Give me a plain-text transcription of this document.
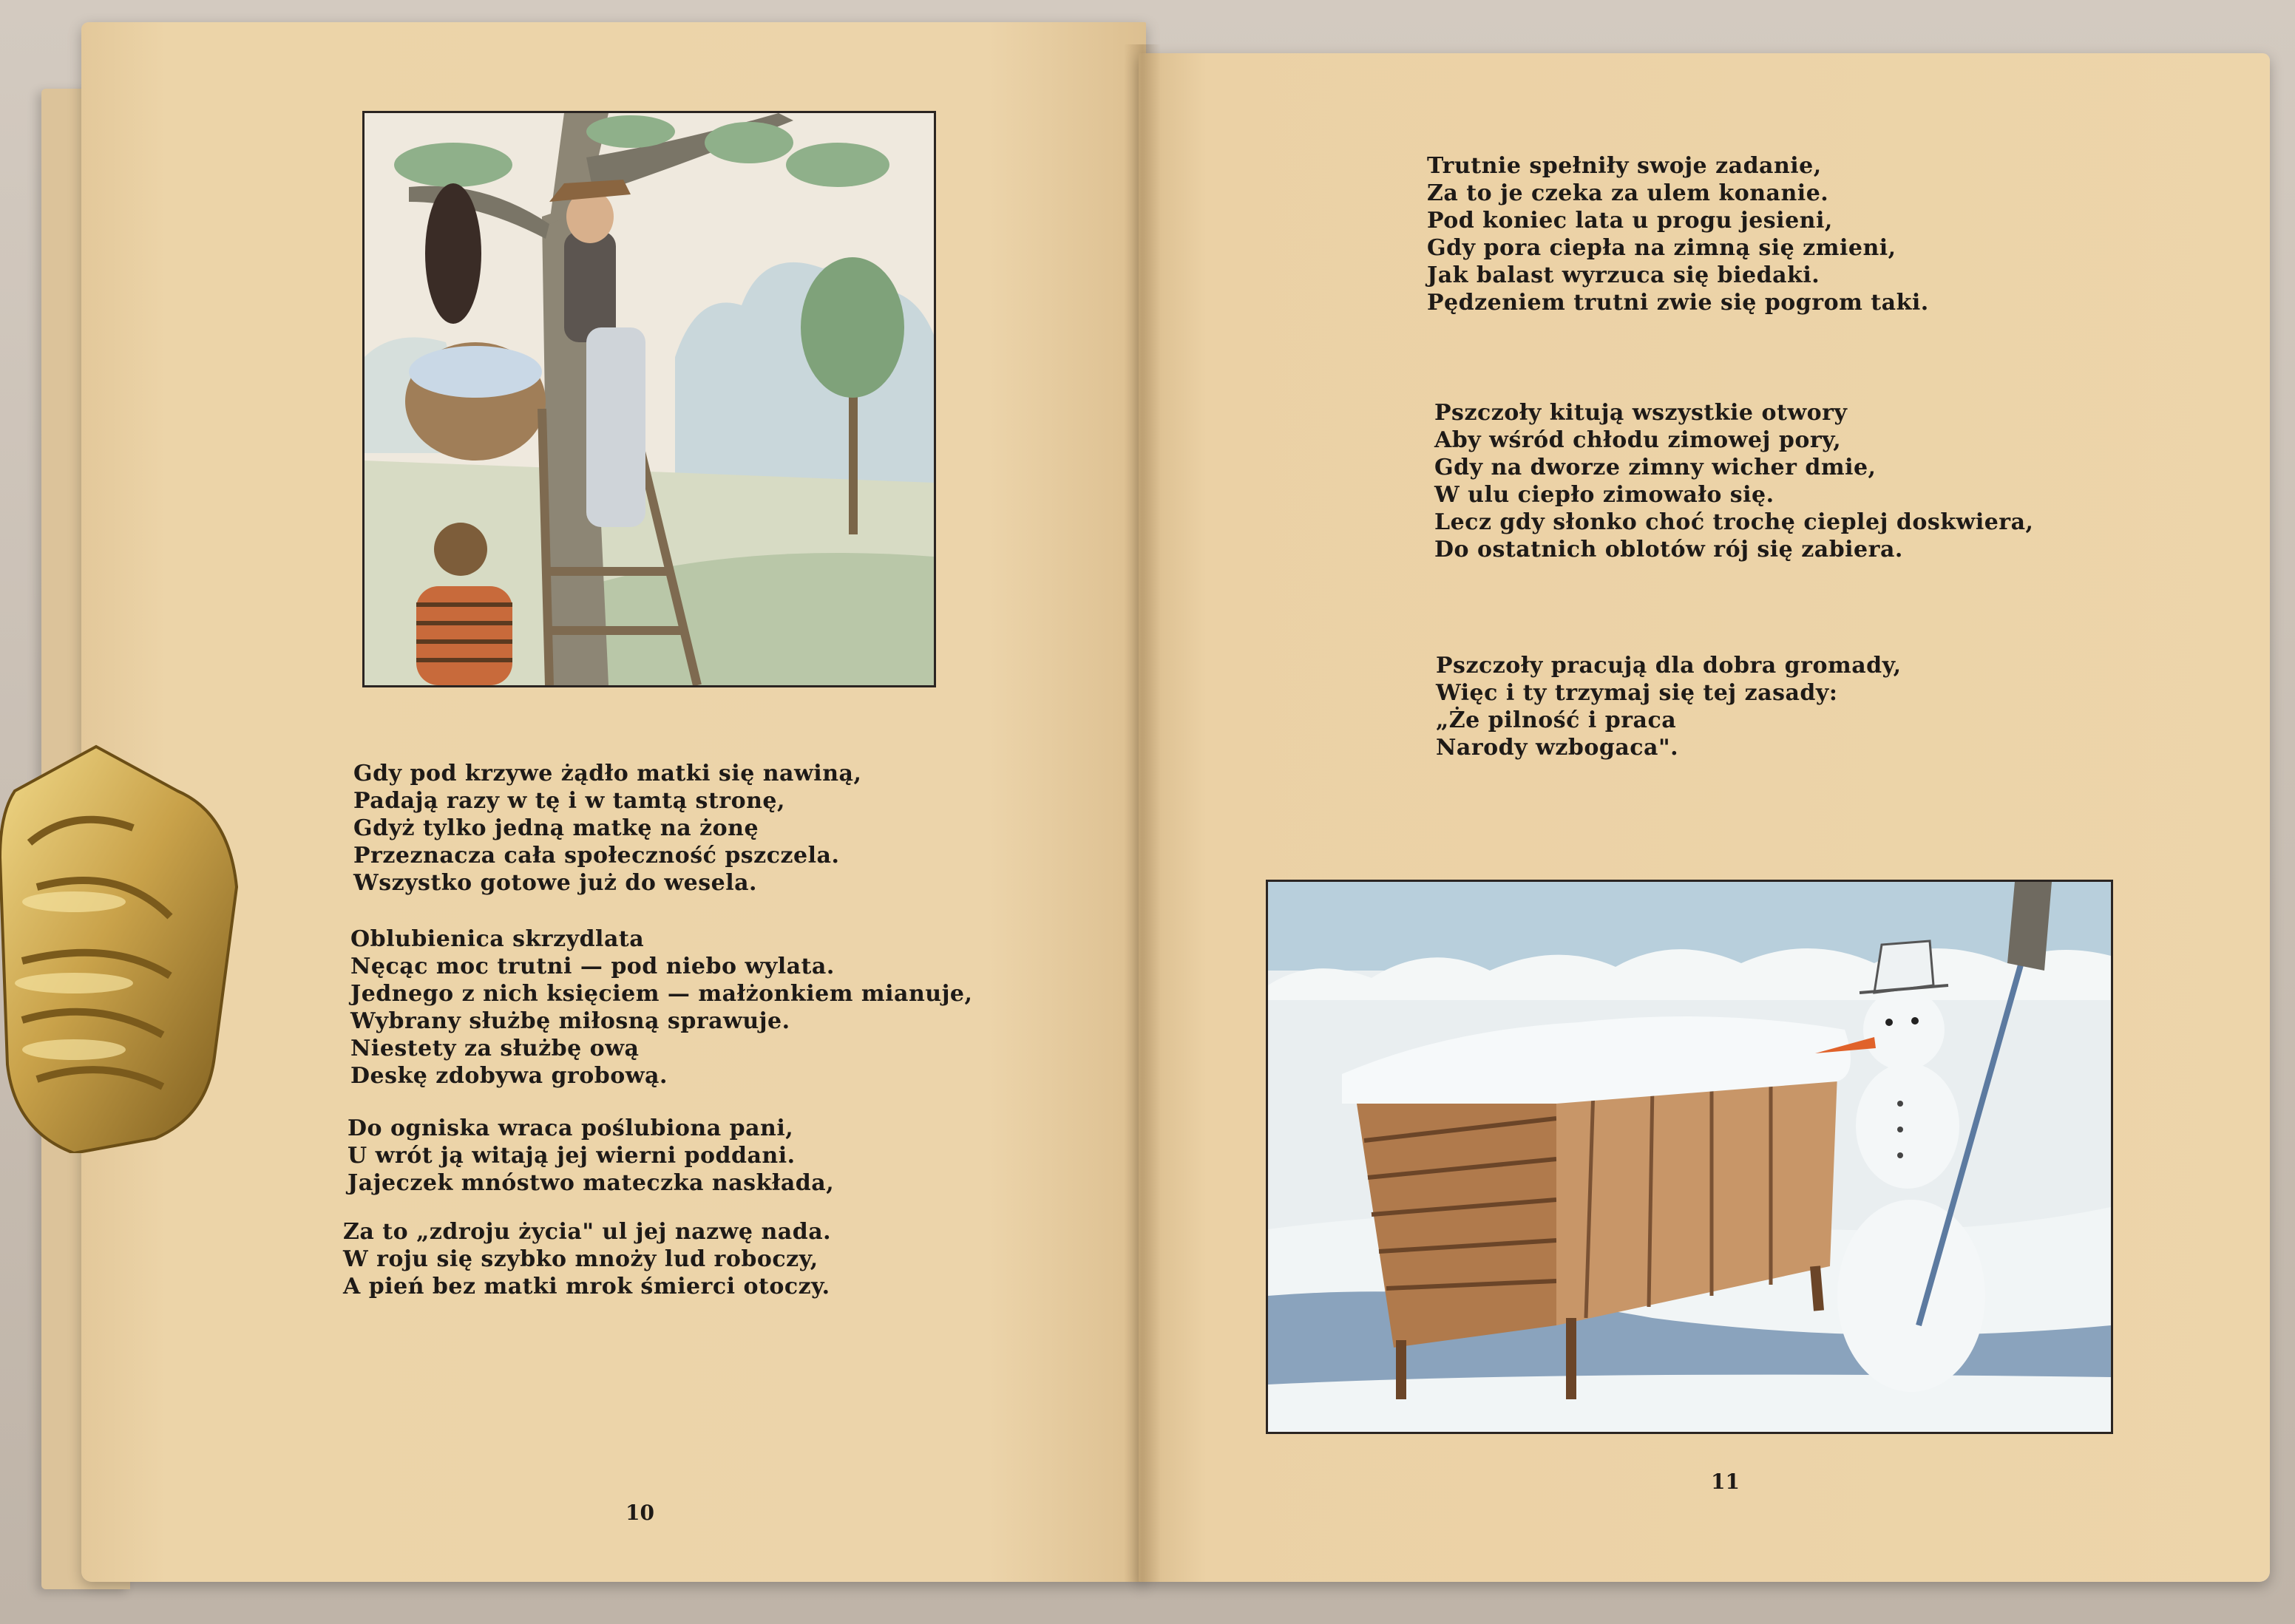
Gdy pod krzywe żądło matki się nawiną,
Padają razy w tę i w tamtą stronę,
Gdyż tylko jedną matkę na żonę
Przeznacza cała społeczność pszczela.
Wszystko gotowe już do wesela.
Oblubienica skrzydlata
Nęcąc moc trutni — pod niebo wylata.
Jednego z nich księciem — małżonkiem mianuje,
Wybrany służbę miłosną sprawuje.
Niestety za służbę ową
Deskę zdobywa grobową.
Do ogniska wraca poślubiona pani,
U wrót ją witają jej wierni poddani.
Jajeczek mnóstwo mateczka naskłada,
Za to „zdroju życia" ul jej nazwę nada.
W roju się szybko mnoży lud roboczy,
A pień bez matki mrok śmierci otoczy.
10
Trutnie spełniły swoje zadanie,
Za to je czeka za ulem konanie.
Pod koniec lata u progu jesieni,
Gdy pora ciepła na zimną się zmieni,
Jak balast wyrzuca się biedaki.
Pędzeniem trutni zwie się pogrom taki.
Pszczoły kitują wszystkie otwory
Aby wśród chłodu zimowej pory,
Gdy na dworze zimny wicher dmie,
W ulu ciepło zimowało się.
Lecz gdy słonko choć trochę cieplej doskwiera,
Do ostatnich oblotów rój się zabiera.
Pszczoły pracują dla dobra gromady,
Więc i ty trzymaj się tej zasady:
„Że pilność i praca
Narody wzbogaca".
11
